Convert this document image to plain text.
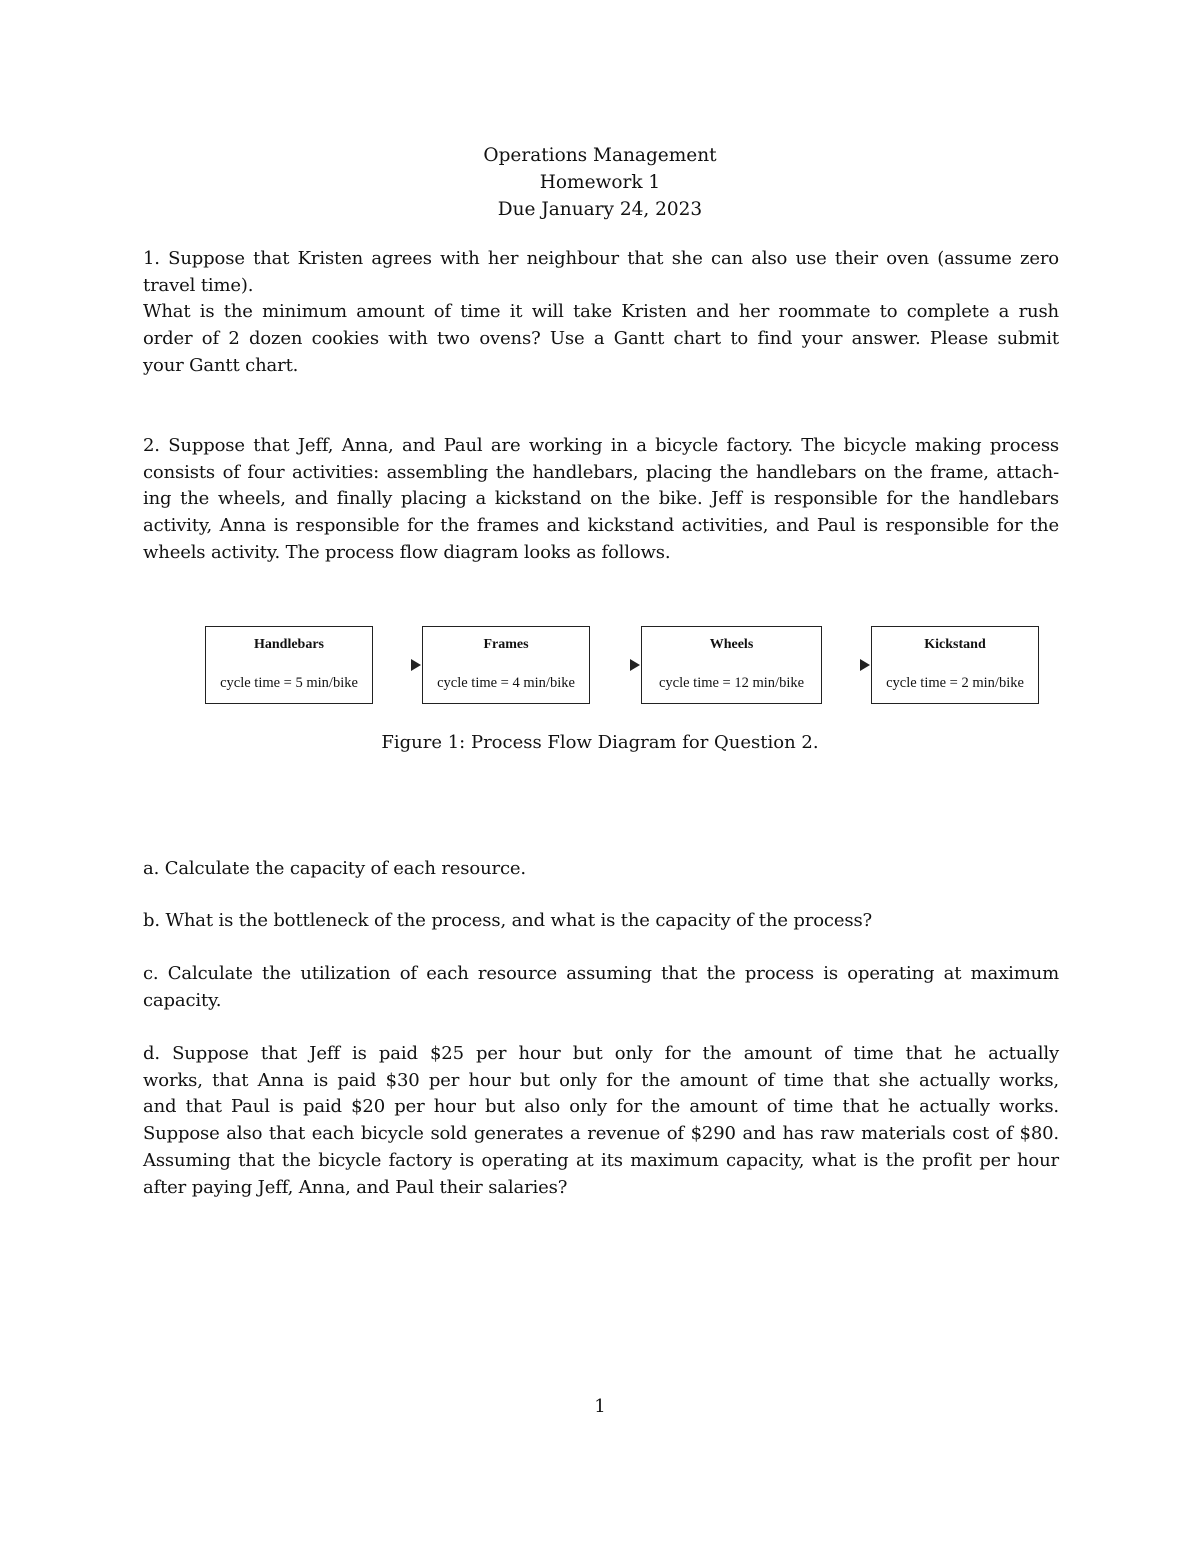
Operations Management
Homework 1
Due January 24, 2023
1. Suppose that Kristen agrees with her neighbour that she can also use their oven (assume zero
travel time).
What is the minimum amount of time it will take Kristen and her roommate to complete a rush
order of 2 dozen cookies with two ovens? Use a Gantt chart to find your answer. Please submit
your Gantt chart.
2. Suppose that Jeff, Anna, and Paul are working in a bicycle factory. The bicycle making process
consists of four activities: assembling the handlebars, placing the handlebars on the frame, attach-
ing the wheels, and finally placing a kickstand on the bike. Jeff is responsible for the handlebars
activity, Anna is responsible for the frames and kickstand activities, and Paul is responsible for the
wheels activity. The process flow diagram looks as follows.
Handlebars
cycle time = 5 min/bike
Frames
cycle time = 4 min/bike
Wheels
cycle time = 12 min/bike
Kickstand
cycle time = 2 min/bike
Figure 1: Process Flow Diagram for Question 2.
a. Calculate the capacity of each resource.
b. What is the bottleneck of the process, and what is the capacity of the process?
c. Calculate the utilization of each resource assuming that the process is operating at maximum
capacity.
d. Suppose that Jeff is paid $25 per hour but only for the amount of time that he actually
works, that Anna is paid $30 per hour but only for the amount of time that she actually works,
and that Paul is paid $20 per hour but also only for the amount of time that he actually works.
Suppose also that each bicycle sold generates a revenue of $290 and has raw materials cost of $80.
Assuming that the bicycle factory is operating at its maximum capacity, what is the profit per hour
after paying Jeff, Anna, and Paul their salaries?
1
